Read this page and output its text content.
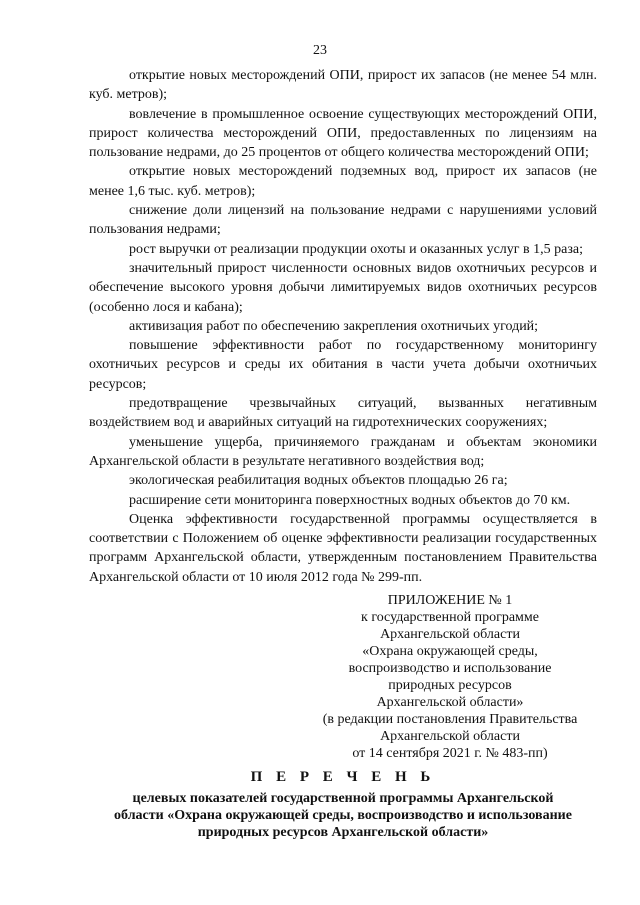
23

открытие новых месторождений ОПИ, прирост их запасов (не менее 54 млн. куб. метров);

вовлечение в промышленное освоение существующих месторождений ОПИ, прирост количества месторождений ОПИ, предоставленных по лицензиям на пользование недрами, до 25 процентов от общего количества месторождений ОПИ;

открытие новых месторождений подземных вод, прирост их запасов (не менее 1,6 тыс. куб. метров);

снижение доли лицензий на пользование недрами с нарушениями условий пользования недрами;

рост выручки от реализации продукции охоты и оказанных услуг в 1,5 раза;

значительный прирост численности основных видов охотничьих ресурсов и обеспечение высокого уровня добычи лимитируемых видов охотничьих ресурсов (особенно лося и кабана);

активизация работ по обеспечению закрепления охотничьих угодий;

повышение эффективности работ по государственному мониторингу охотничьих ресурсов и среды их обитания в части учета добычи охотничьих ресурсов;

предотвращение чрезвычайных ситуаций, вызванных негативным воздействием вод и аварийных ситуаций на гидротехнических сооружениях;

уменьшение ущерба, причиняемого гражданам и объектам экономики Архангельской области в результате негативного воздействия вод;

экологическая реабилитация водных объектов площадью 26 га;

расширение сети мониторинга поверхностных водных объектов до 70 км.

Оценка эффективности государственной программы осуществляется в соответствии с Положением об оценке эффективности реализации государственных программ Архангельской области, утвержденным постановлением Правительства Архангельской области от 10 июля 2012 года № 299-пп.

ПРИЛОЖЕНИЕ № 1
к государственной программе
Архангельской области
«Охрана окружающей среды,
воспроизводство и использование
природных ресурсов
Архангельской области»
(в редакции постановления Правительства
Архангельской области
от 14 сентября 2021 г. № 483-пп)
П Е Р Е Ч Е Н Ь
целевых показателей государственной программы Архангельской
области «Охрана окружающей среды, воспроизводство и использование
природных ресурсов Архангельской области»
